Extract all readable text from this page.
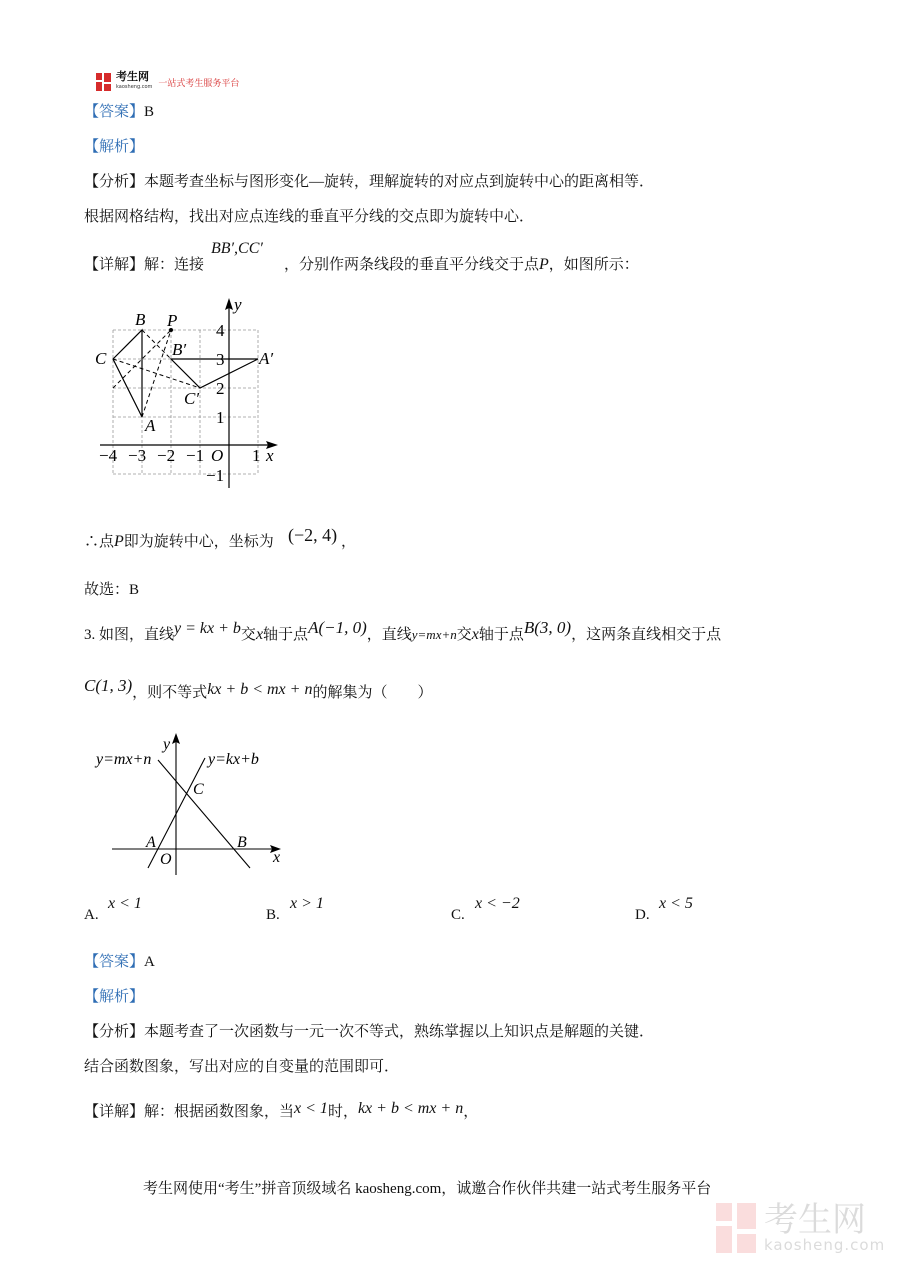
考生网
kaosheng.com 一站式考生服务平台
【答案】B
【解析】
【分析】本题考查坐标与图形变化—旋转，理解旋转的对应点到旋转中心的距离相等．
根据网格结构，找出对应点连线的垂直平分线的交点即为旋转中心．
【详解】解：连接
BB′,CC′
，分别作两条线段的垂直平分线交于点P，如图所示：
B P
C	B′	A′
C′
A
O	x
y
−4 −3 −2 −1	1
4
3
2
1
−1
∴点P即为旋转中心，坐标为 (−2, 4) ，
故选：B
3. 如图，直线y = kx + b交x轴于点A(−1, 0)，直线y=mx+n交x轴于点B(3, 0)，这两条直线相交于点
C(1, 3)，则不等式kx + b < mx + n的解集为（　　）
y=mx+n	y=kx+b
C
A	B
O	x
y
A.
x < 1
B.
x > 1
C.
x < −2
D.
x < 5
【答案】A
【解析】
【分析】本题考查了一次函数与一元一次不等式，熟练掌握以上知识点是解题的关键．
结合函数图象，写出对应的自变量的范围即可．
【详解】解：根据函数图象，当x < 1时，kx + b < mx + n，
考生网使用“考生”拼音顶级域名 kaosheng.com，诚邀合作伙伴共建一站式考生服务平台
考生网
kaosheng.com
